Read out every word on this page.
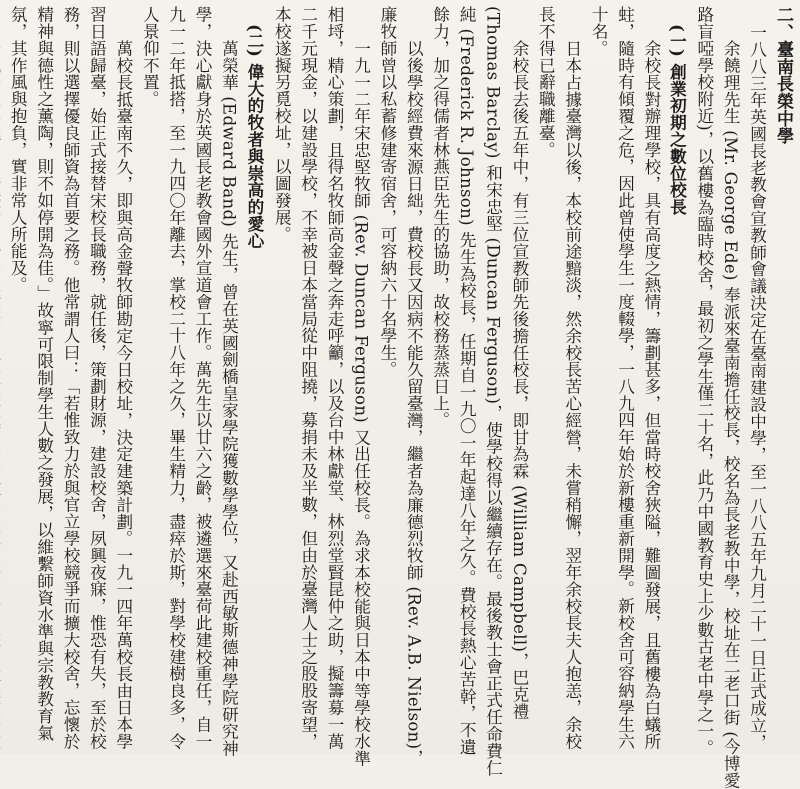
二、臺南長榮中學

一八八三年英國長老教會宣教師會議決定在臺南建設中學，至一八八五年九月二十一日正式成立，

余饒理先生 (Mr. George Ede) 奉派來臺南擔任校長，校名為長老教中學，校址在二老口街 (今博愛

路盲啞學校附近)，以舊樓為臨時校舍，最初之學生僅二十名，此乃中國教育史上少數古老中學之一。

(一) 創業初期之數位校長

余校長對辦理學校，具有高度之熱情，籌劃甚多，但當時校舍狹隘，難圖發展，且舊樓為白蟻所

蛀，隨時有傾覆之危，因此曾使學生一度輟學，一八九四年始於新樓重新開學。新校舍可容納學生六

十名。

日本占據臺灣以後，本校前途黯淡，然余校長苦心經營，未嘗稍懈，翌年余校長夫人抱恙，余校

長不得已辭職離臺。

余校長去後五年中，有三位宣教師先後擔任校長，即甘為霖 (William Campbell)，巴克禮

(Thomas Barclay) 和宋忠堅 (Duncan Ferguson)，使學校得以繼續存在。最後教士會正式任命費仁

純 (Frederick R. Johnson) 先生為校長，任期自一九〇一年起達八年之久。費校長熱心苦幹，不遺

餘力，加之得儒者林燕臣先生的協助，故校務蒸蒸日上。

以後學校經費來源日絀，費校長又因病不能久留臺灣，繼者為廉德烈牧師 (Rev. A.B. Nielson)，

廉牧師曾以私蓄修建寄宿舍，可容納六十名學生。

一九一二年宋忠堅牧師 (Rev. Duncan Ferguson) 又出任校長。為求本校能與日本中等學校水準

相埒，精心策劃，且得名牧師高金聲之奔走呼籲，以及台中林獻堂、林烈堂賢昆仲之助，擬籌募一萬

二千元現金，以建設學校，不幸被日本當局從中阻撓，募捐未及半數，但由於臺灣人士之股股寄望，

本校遂擬另覓校址，以圖發展。

(二) 偉大的牧者與崇高的愛心

萬榮華 (Edward Band) 先生，曾在英國劍橋皇家學院獲數學學位，又赴西敏斯德神學院研究神

學，決心獻身於英國長老教會國外宣道會工作。萬先生以廿六之齡，被遴選來臺荷此建校重任，自一

九一二年抵搭，至一九四〇年離去，掌校二十八年之久，畢生精力，盡瘁於斯，對學校建樹良多，令

人景仰不置。

萬校長抵臺南不久，即與高金聲牧師勘定今日校址，決定建築計劃。一九一四年萬校長由日本學

習日語歸臺，始正式接替宋校長職務，就任後，策劃財源，建設校舍，夙興夜寐，惟恐有失，至於校

務，則以選擇優良師資為首要之務。他常謂人曰：「若惟致力於與官立學校競爭而擴大校舍，忘懷於

精神與德性之薰陶，則不如停開為佳。」故寧可限制學生人數之發展，以維繫師資水準與宗教教育氣

氛，其作風與抱負，實非常人所能及。
